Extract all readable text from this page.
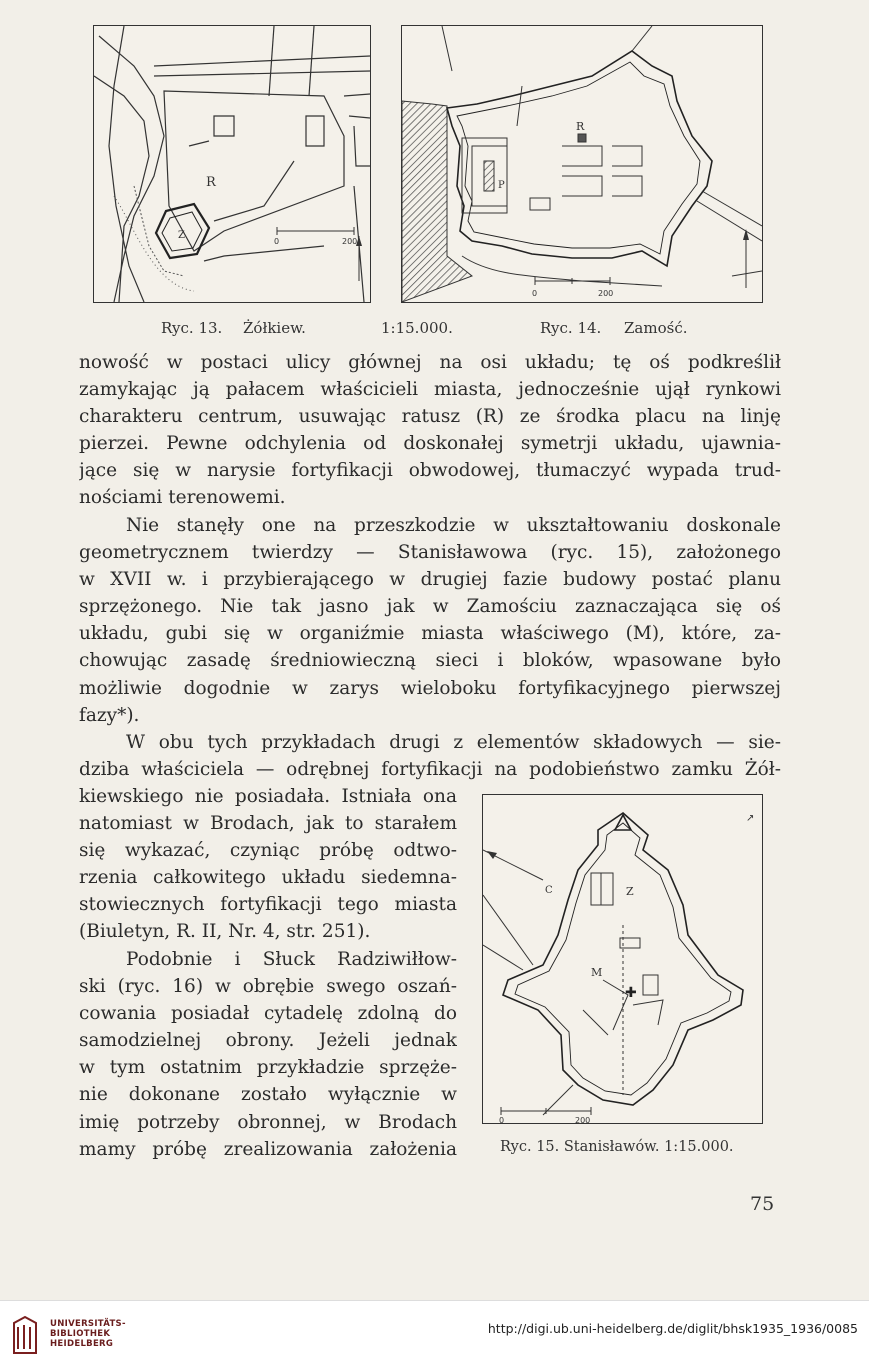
R
Z
0	200
R
P
0	200
Ryc. 13. Żółkiew.	1:15.000.	Ryc. 14. Zamość.
nowość w postaci ulicy głównej na osi układu; tę oś podkreślił
zamykając ją pałacem właścicieli miasta, jednocześnie ujął rynkowi
charakteru centrum, usuwając ratusz (R) ze środka placu na linję
pierzei. Pewne odchylenia od doskonałej symetrji układu, ujawnia-
jące się w narysie fortyfikacji obwodowej, tłumaczyć wypada trud-
nościami terenowemi.
Nie stanęły one na przeszkodzie w ukształtowaniu doskonale
geometrycznem twierdzy — Stanisławowa (ryc. 15), założonego
w XVII w. i przybierającego w drugiej fazie budowy postać planu
sprzężonego. Nie tak jasno jak w Zamościu zaznaczająca się oś
układu, gubi się w organiźmie miasta właściwego (M), które, za-
chowując zasadę średniowieczną sieci i bloków, wpasowane było
możliwie dogodnie w zarys wieloboku fortyfikacyjnego pierwszej
fazy*).
W obu tych przykładach drugi z elementów składowych — sie-
dziba właściciela — odrębnej fortyfikacji na podobieństwo zamku Żół-
kiewskiego nie posiadała. Istniała ona
natomiast w Brodach, jak to starałem
się wykazać, czyniąc próbę odtwo-
rzenia całkowitego układu siedemna-
stowiecznych fortyfikacji tego miasta
(Biuletyn, R. II, Nr. 4, str. 251).
Podobnie i Słuck Radziwiłłow-
ski (ryc. 16) w obrębie swego oszań-
cowania posiadał cytadelę zdolną do
samodzielnej obrony. Jeżeli jednak
w tym ostatnim przykładzie sprzęże-
nie dokonane zostało wyłącznie w
imię potrzeby obronnej, w Brodach
mamy próbę zrealizowania założenia
✚
C	Z
M
↗
0	200
Ryc. 15. Stanisławów. 1:15.000.
75
UNIVERSITÄTS-
BIBLIOTHEK
HEIDELBERG
http://digi.ub.uni-heidelberg.de/diglit/bhsk1935_1936/0085
